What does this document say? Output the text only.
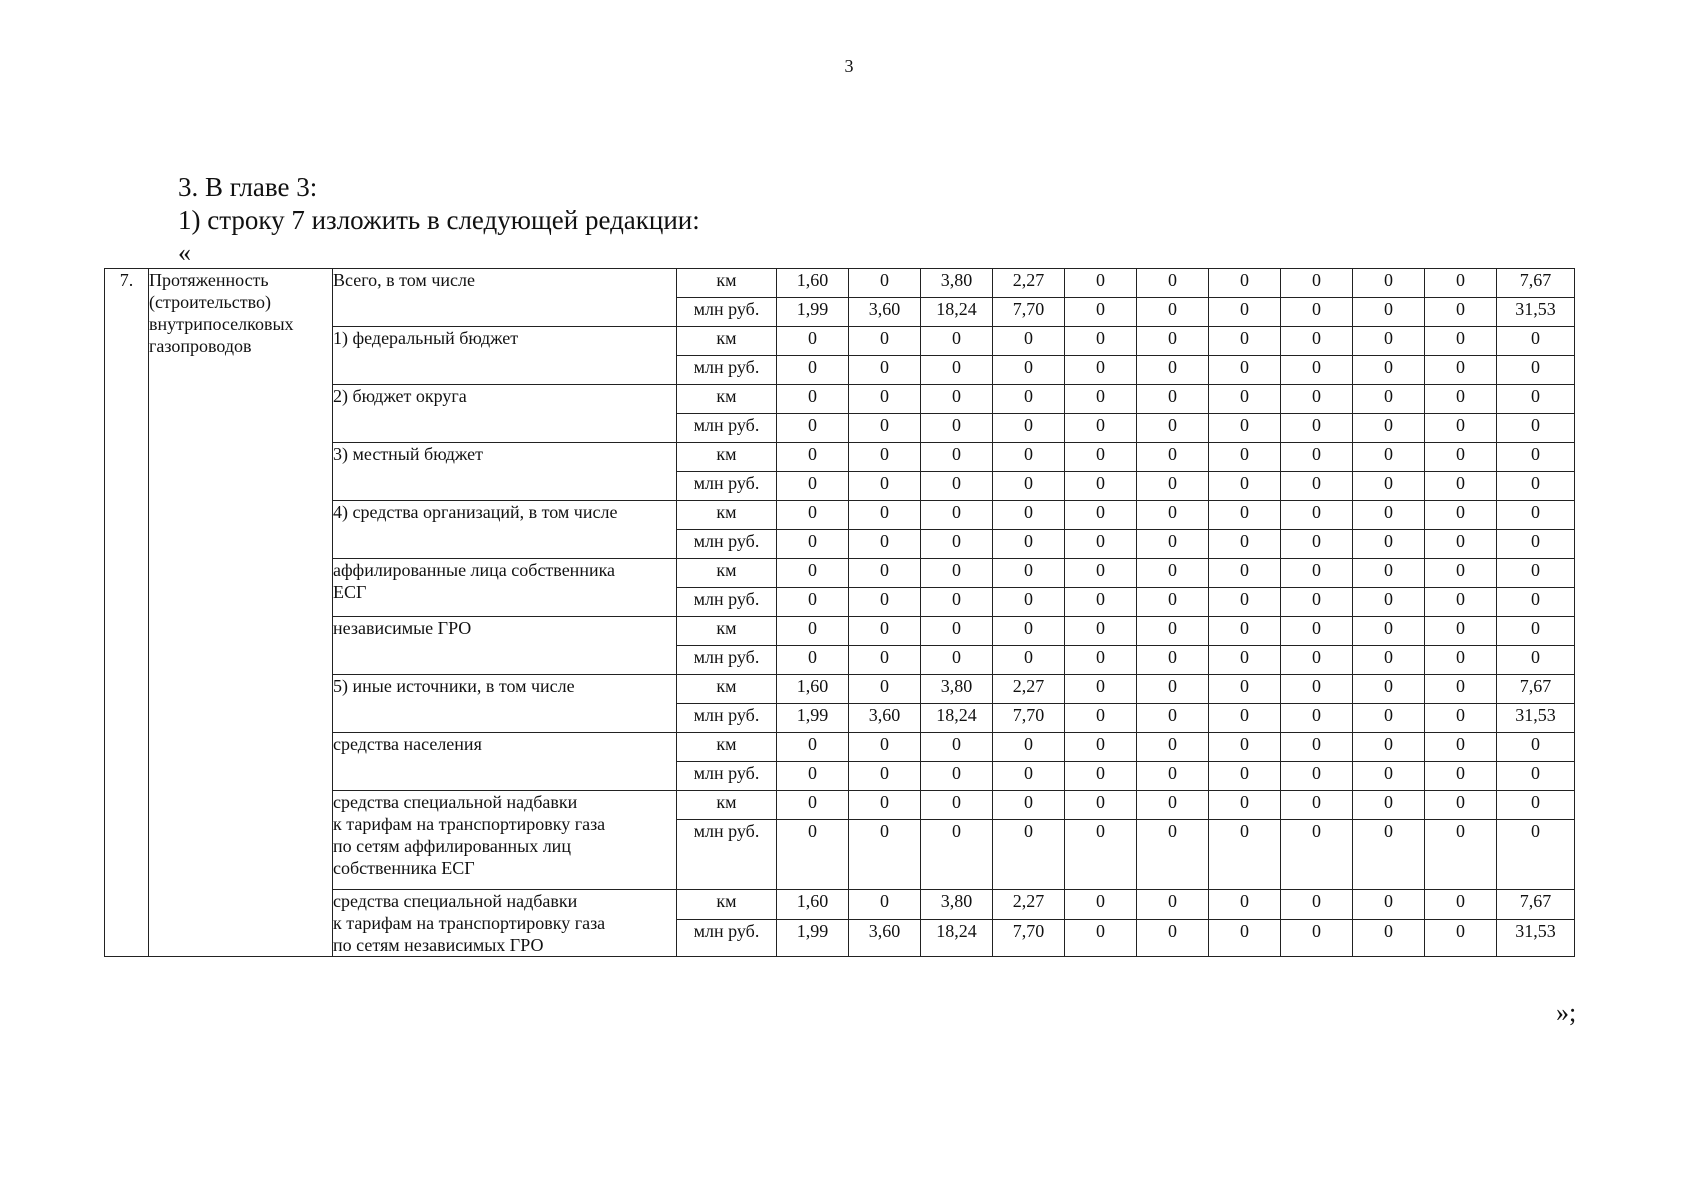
3
3. В главе 3:
1) строку 7 изложить в следующей редакции:
«
7.	Протяженность
(строительство)
внутрипоселковых
газопроводов	Всего, в том числе	км	1,60	0	3,80	2,27	0	0	0	0	0	0	7,67
			млн руб.	1,99	3,60	18,24	7,70	0	0	0	0	0	0	31,53

		1) федеральный бюджет	км	0	0	0	0	0	0	0	0	0	0	0
			млн руб.	0	0	0	0	0	0	0	0	0	0	0

		2) бюджет округа	км	0	0	0	0	0	0	0	0	0	0	0
			млн руб.	0	0	0	0	0	0	0	0	0	0	0

		3) местный бюджет	км	0	0	0	0	0	0	0	0	0	0	0
			млн руб.	0	0	0	0	0	0	0	0	0	0	0

		4) средства организаций, в том числе	км	0	0	0	0	0	0	0	0	0	0	0
			млн руб.	0	0	0	0	0	0	0	0	0	0	0

		аффилированные лица собственника
ЕСГ	км	0	0	0	0	0	0	0	0	0	0	0
			млн руб.	0	0	0	0	0	0	0	0	0	0	0

		независимые ГРО	км	0	0	0	0	0	0	0	0	0	0	0
			млн руб.	0	0	0	0	0	0	0	0	0	0	0

		5) иные источники, в том числе	км	1,60	0	3,80	2,27	0	0	0	0	0	0	7,67
			млн руб.	1,99	3,60	18,24	7,70	0	0	0	0	0	0	31,53

		средства населения	км	0	0	0	0	0	0	0	0	0	0	0
			млн руб.	0	0	0	0	0	0	0	0	0	0	0

		средства специальной надбавки
к тарифам на транспортировку газа
по сетям аффилированных лиц
собственника ЕСГ	км	0	0	0	0	0	0	0	0	0	0	0
			млн руб.	0	0	0	0	0	0	0	0	0	0	0

		средства специальной надбавки
к тарифам на транспортировку газа
по сетям независимых ГРО	км	1,60	0	3,80	2,27	0	0	0	0	0	0	7,67
			млн руб.	1,99	3,60	18,24	7,70	0	0	0	0	0	0	31,53
»;
